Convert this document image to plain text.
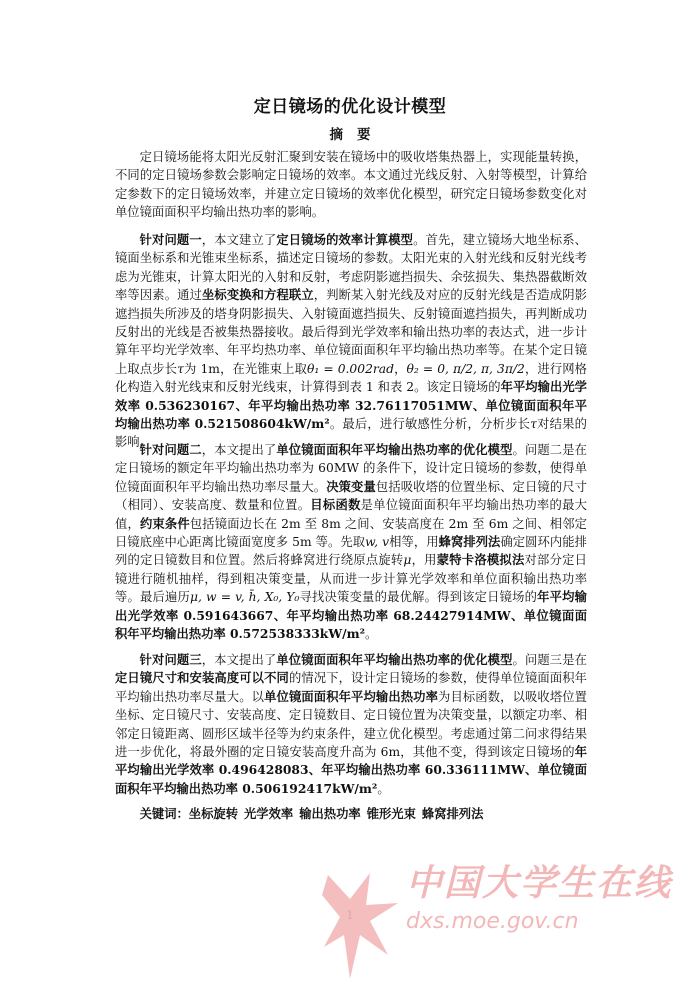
定日镜场的优化设计模型
摘要
定日镜场能将太阳光反射汇聚到安装在镜场中的吸收塔集热器上，实现能量转换，不同的定日镜场参数会影响定日镜场的效率。本文通过光线反射、入射等模型，计算给定参数下的定日镜场效率，并建立定日镜场的效率优化模型，研究定日镜场参数变化对单位镜面面积平均输出热功率的影响。
针对问题一，本文建立了定日镜场的效率计算模型。首先，建立镜场大地坐标系、镜面坐标系和光锥束坐标系，描述定日镜场的参数。太阳光束的入射光线和反射光线考虑为光锥束，计算太阳光的入射和反射，考虑阴影遮挡损失、余弦损失、集热器截断效率等因素。通过坐标变换和方程联立，判断某入射光线及对应的反射光线是否造成阴影遮挡损失所涉及的塔身阴影损失、入射镜面遮挡损失、反射镜面遮挡损失，再判断成功反射出的光线是否被集热器接收。最后得到光学效率和输出热功率的表达式，进一步计算年平均光学效率、年平均热功率、单位镜面面积年平均输出热功率等。在某个定日镜上取点步长τ为 1m，在光锥束上取θ₁ = 0.002rad，θ₂ = 0, π/2, π, 3π/2，进行网格化构造入射光线束和反射光线束，计算得到表 1 和表 2。该定日镜场的年平均输出光学效率 0.536230167、年平均输出热功率 32.76117051MW、单位镜面面积年平均输出热功率 0.521508604kW/m²。最后，进行敏感性分析，分析步长τ对结果的影响。
针对问题二，本文提出了单位镜面面积年平均输出热功率的优化模型。问题二是在定日镜场的额定年平均输出热功率为 60MW 的条件下，设计定日镜场的参数，使得单位镜面面积年平均输出热功率尽量大。决策变量包括吸收塔的位置坐标、定日镜的尺寸（相同）、安装高度、数量和位置。目标函数是单位镜面面积年平均输出热功率的最大值，约束条件包括镜面边长在 2m 至 8m 之间、安装高度在 2m 至 6m 之间、相邻定日镜底座中心距离比镜面宽度多 5m 等。先取w, v相等，用蜂窝排列法确定圆环内能排列的定日镜数目和位置。然后将蜂窝进行绕原点旋转μ，用蒙特卡洛模拟法对部分定日镜进行随机抽样，得到粗决策变量，从而进一步计算光学效率和单位面积输出热功率等。最后遍历μ, w = v, h̄, X₀, Y₀寻找决策变量的最优解。得到该定日镜场的年平均输出光学效率 0.591643667、年平均输出热功率 68.24427914MW、单位镜面面积年平均输出热功率 0.572538333kW/m²。
针对问题三，本文提出了单位镜面面积年平均输出热功率的优化模型。问题三是在定日镜尺寸和安装高度可以不同的情况下，设计定日镜场的参数，使得单位镜面面积年平均输出热功率尽量大。以单位镜面面积年平均输出热功率为目标函数，以吸收塔位置坐标、定日镜尺寸、安装高度、定日镜数目、定日镜位置为决策变量，以额定功率、相邻定日镜距离、圆形区域半径等为约束条件，建立优化模型。考虑通过第二问求得结果进一步优化，将最外圈的定日镜安装高度升高为 6m，其他不变，得到该定日镜场的年平均输出光学效率 0.496428083、年平均输出热功率 60.336111MW、单位镜面面积年平均输出热功率 0.506192417kW/m²。
关键词：坐标旋转 光学效率 输出热功率 锥形光束 蜂窝排列法
中国大学生在线
dxs.moe.gov.cn
